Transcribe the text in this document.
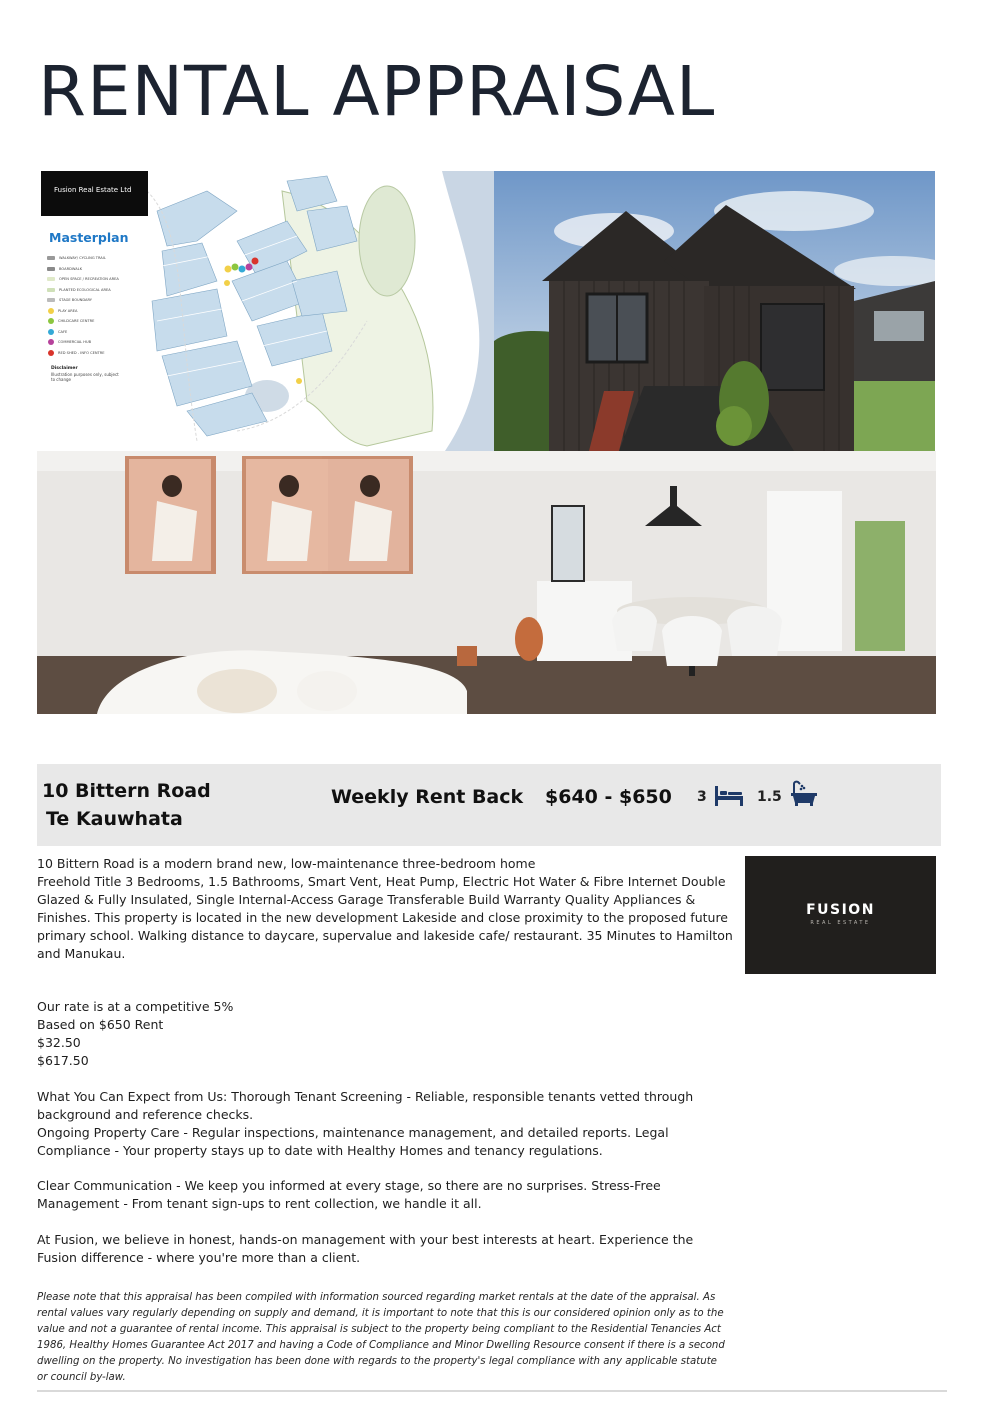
RENTAL APPRAISAL
Fusion Real Estate Ltd
Masterplan
WALKWAY/ CYCLING TRAIL
BOARDWALK
OPEN SPACE / RECREATION AREA
PLANTED ECOLOGICAL AREA
STAGE BOUNDARY
PLAY AREA
CHILDCARE CENTRE
CAFE
COMMERCIAL HUB
RED SHED - INFO CENTRE
Disclaimer
Illustration purposes only, subject to change
10 Bittern Road
Te Kauwhata
Weekly Rent Back $640 - $650 3	1.5

10 Bittern Road is a modern brand new, low-maintenance three-bedroom home

Freehold Title 3 Bedrooms, 1.5 Bathrooms, Smart Vent, Heat Pump, Electric Hot Water & Fibre Internet Double Glazed & Fully Insulated, Single Internal-Access Garage Transferable Build Warranty Quality Appliances & Finishes. This property is located in the new development Lakeside and close proximity to the proposed future primary school. Walking distance to daycare, supervalue and lakeside cafe/ restaurant. 35 Minutes to Hamilton and Manukau.

FUSION
REAL ESTATE

Our rate is at a competitive 5%

Based on $650 Rent

$32.50

$617.50

What You Can Expect from Us: Thorough Tenant Screening - Reliable, responsible tenants vetted through background and reference checks.

Ongoing Property Care - Regular inspections, maintenance management, and detailed reports. Legal Compliance - Your property stays up to date with Healthy Homes and tenancy regulations.

Clear Communication - We keep you informed at every stage, so there are no surprises. Stress-Free Management - From tenant sign-ups to rent collection, we handle it all.

At Fusion, we believe in honest, hands-on management with your best interests at heart. Experience the Fusion difference - where you're more than a client.

Please note that this appraisal has been compiled with information sourced regarding market rentals at the date of the appraisal. As rental values vary regularly depending on supply and demand, it is important to note that this is our considered opinion only as to the value and not a guarantee of rental income. This appraisal is subject to the property being compliant to the Residential Tenancies Act 1986, Healthy Homes Guarantee Act 2017 and having a Code of Compliance and Minor Dwelling Resource consent if there is a second dwelling on the property. No investigation has been done with regards to the property's legal compliance with any applicable statute or council by-law.
